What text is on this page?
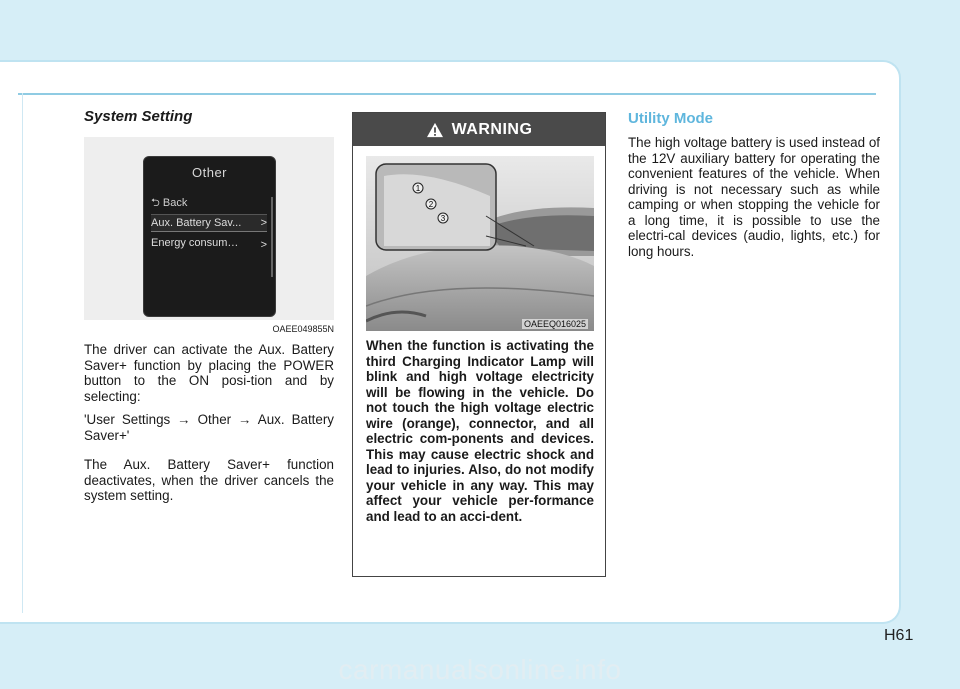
System Setting
Other
⮌ Back
Aux. Battery Sav... >
Energy consum… >
OAEE049855N

The driver can activate the Aux. Battery Saver+ function by placing the POWER button to the ON posi-tion and by selecting:

'User Settings → Other → Aux. Battery Saver+'

The Aux. Battery Saver+ function deactivates, when the driver cancels the system setting.

WARNING
1
2
3
OAEEQ016025

When the function is activating the third Charging Indicator Lamp will blink and high voltage electricity will be flowing in the vehicle. Do not touch the high voltage electric wire (orange), connector, and all electric com-ponents and devices. This may cause electric shock and lead to injuries. Also, do not modify your vehicle in any way. This may affect your vehicle per-formance and lead to an acci-dent.

Utility Mode

The high voltage battery is used instead of the 12V auxiliary battery for operating the convenient features of the vehicle. When driving is not necessary such as while camping or when stopping the vehicle for a long time, it is possible to use the electri-cal devices (audio, lights, etc.) for long hours.

H61
carmanualsonline.info
